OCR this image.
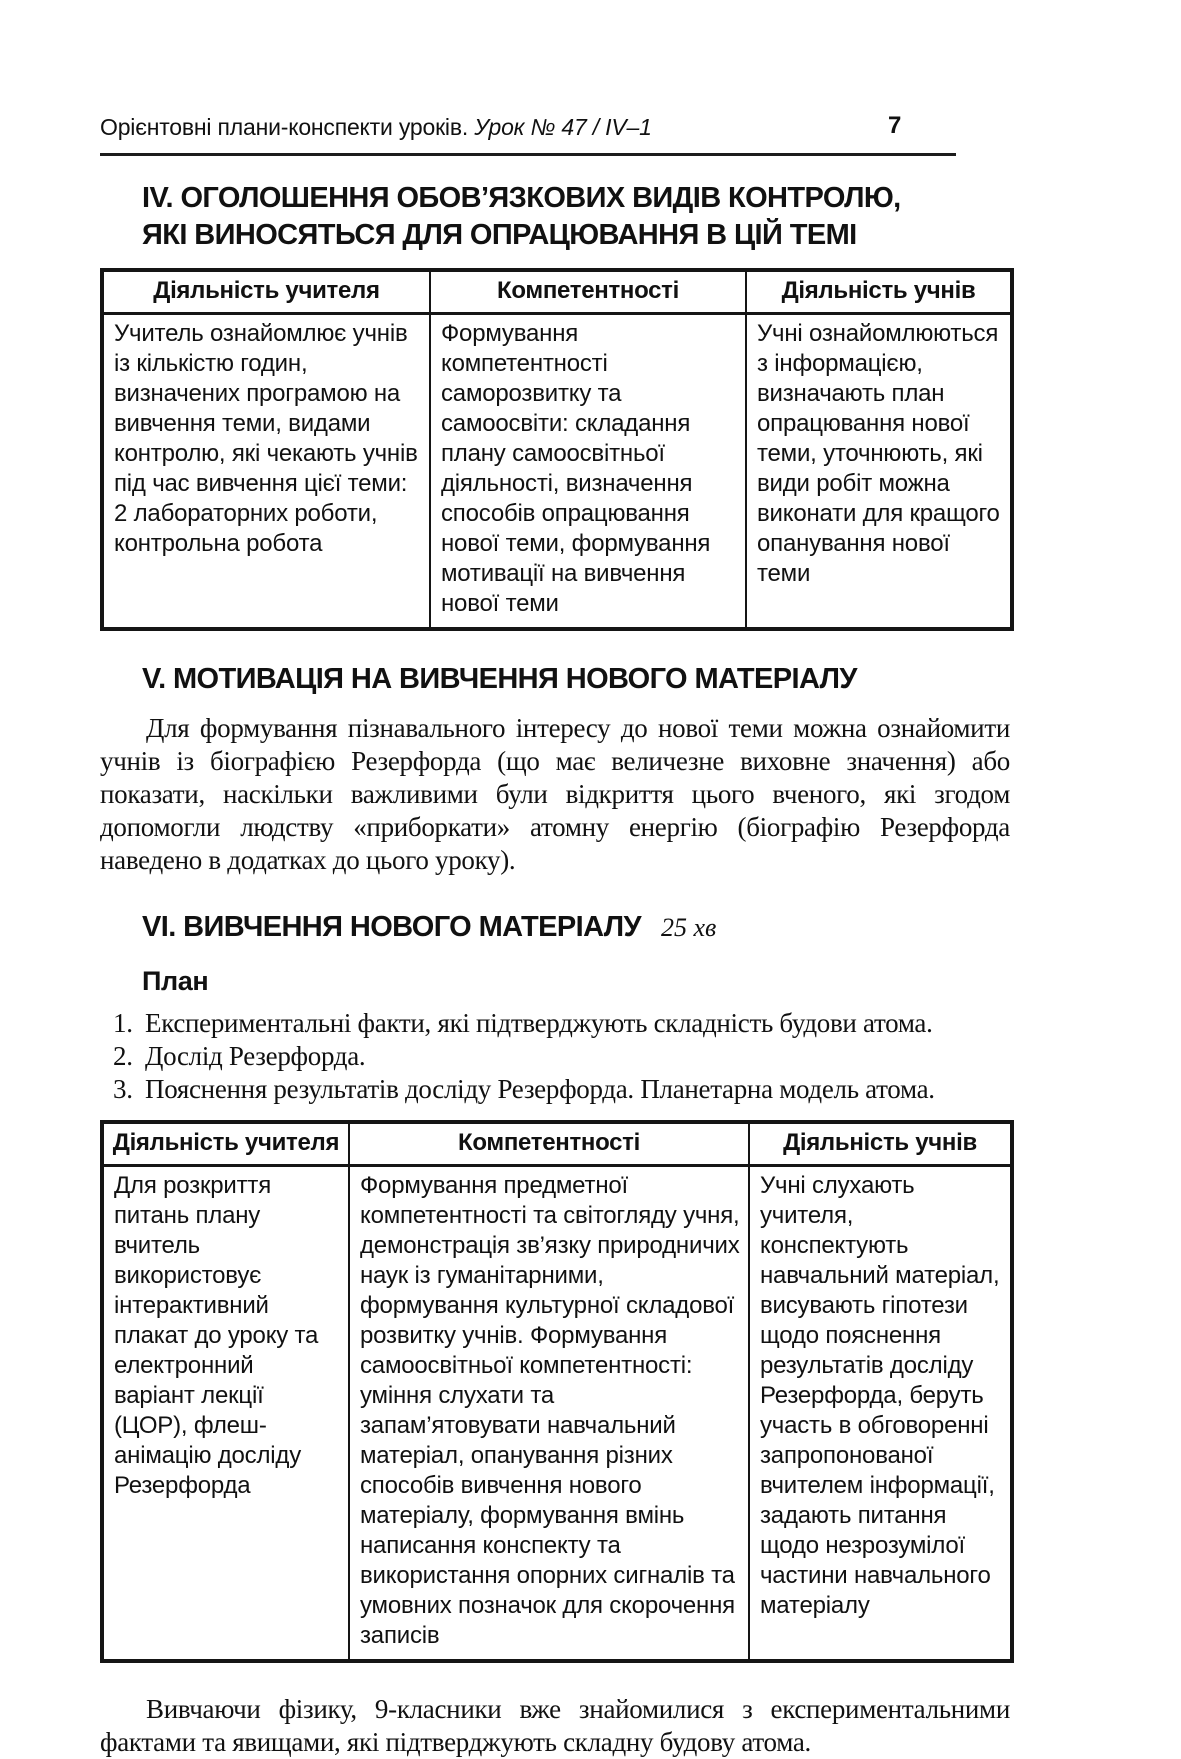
Орієнтовні плани-конспекти уроків. Урок № 47 / IV–1	7
IV. ОГОЛОШЕННЯ ОБОВ’ЯЗКОВИХ ВИДІВ КОНТРОЛЮ,
ЯКІ ВИНОСЯТЬСЯ ДЛЯ ОПРАЦЮВАННЯ В ЦІЙ ТЕМІ
Діяльність учителя	Компетентності	Діяльність учнів
Учитель ознайомлює учнів із кількістю годин, визначених програмою на вивчення теми, видами контролю, які чекають учнів під час вивчення цієї теми: 2 лабораторних роботи, контрольна робота	Формування компетентності саморозвитку та самоосвіти: складання плану самоосвітньої діяльності, визначення способів опрацювання нової теми, формування мотивації на вивчення нової теми	Учні ознайомлюються з інформацією, визначають план опрацювання нової теми, уточнюють, які види робіт можна виконати для кращого опанування нової теми
V. МОТИВАЦІЯ НА ВИВЧЕННЯ НОВОГО МАТЕРІАЛУ

Для формування пізнавального інтересу до нової теми можна ознайомити учнів із біографією Резерфорда (що має величезне виховне значення) або показати, наскільки важливими були відкриття цього вченого, які згодом допомогли людству «приборкати» атомну енергію (біографію Резерфорда наведено в додатках до цього уроку).

VI. ВИВЧЕННЯ НОВОГО МАТЕРІАЛУ 25 хв
План
1. Експериментальні факти, які підтверджують складність будови атома.
2. Дослід Резерфорда.
3. Пояснення результатів досліду Резерфорда. Планетарна модель атома.
Діяльність учителя	Компетентності	Діяльність учнів
Для розкриття питань плану вчитель використовує інтерактивний плакат до уроку та електронний варіант лекції (ЦОР), флеш-анімацію досліду Резерфорда	Формування предметної компетентності та світогляду учня, демонстрація зв’язку природничих наук із гуманітарними, формування культурної складової розвитку учнів. Формування самоосвітньої компетентності: уміння слухати та запам’ятовувати навчальний матеріал, опанування різних способів вивчення нового матеріалу, формування вмінь написання конспекту та використання опорних сигналів та умовних позначок для скорочення записів	Учні слухають учителя, конспектують навчальний матеріал, висувають гіпотези щодо пояснення результатів досліду Резерфорда, беруть участь в обговоренні запропонованої вчителем інформації, задають питання щодо незрозумілої частини навчального матеріалу

Вивчаючи фізику, 9-класники вже знайомилися з експериментальними фактами та явищами, які підтверджують складну будову атома.
